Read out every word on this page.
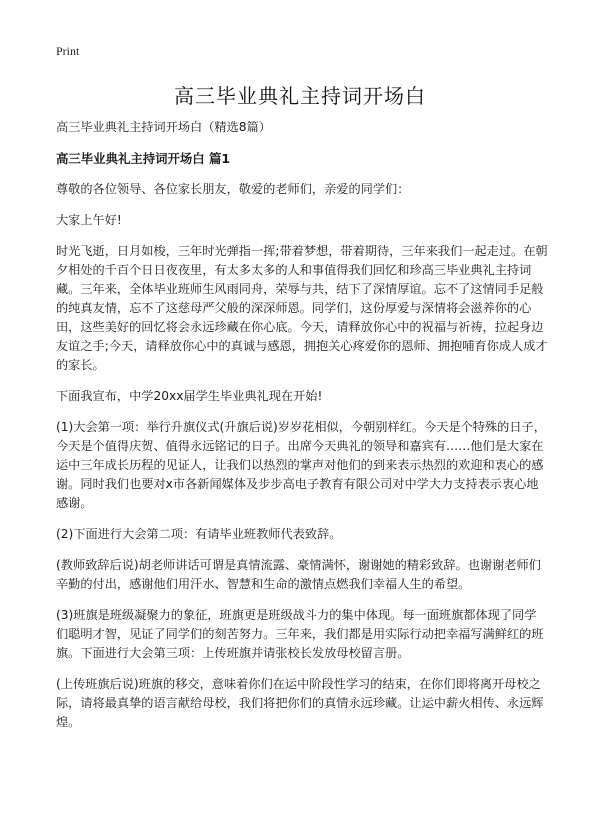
Print
高三毕业典礼主持词开场白

高三毕业典礼主持词开场白（精选8篇）

高三毕业典礼主持词开场白 篇1

尊敬的各位领导、各位家长朋友，敬爱的老师们，亲爱的同学们：

大家上午好!

时光飞逝，日月如梭，三年时光弹指一挥;带着梦想，带着期待，三年来我们一起走过。在朝夕相处的千百个日日夜夜里，有太多太多的人和事值得我们回忆和珍高三毕业典礼主持词藏。三年来，全体毕业班师生风雨同舟，荣辱与共，结下了深情厚谊。忘不了这情同手足般的纯真友情，忘不了这慈母严父般的深深师恩。同学们，这份厚爱与深情将会滋养你的心田，这些美好的回忆将会永远珍藏在你心底。今天，请释放你心中的祝福与祈祷，拉起身边友谊之手;今天，请释放你心中的真诚与感恩，拥抱关心疼爱你的恩师、拥抱哺育你成人成才的家长。

下面我宣布，中学20xx届学生毕业典礼现在开始!

(1)大会第一项：举行升旗仪式(升旗后说)岁岁花相似，今朝别样红。今天是个特殊的日子，今天是个值得庆贺、值得永远铭记的日子。出席今天典礼的领导和嘉宾有……他们是大家在运中三年成长历程的见证人，让我们以热烈的掌声对他们的到来表示热烈的欢迎和衷心的感谢。同时我们也要对x市各新闻媒体及步步高电子教育有限公司对中学大力支持表示衷心地感谢。

(2)下面进行大会第二项：有请毕业班教师代表致辞。

(教师致辞后说)胡老师讲话可谓是真情流露、豪情满怀，谢谢她的精彩致辞。也谢谢老师们辛勤的付出，感谢他们用汗水、智慧和生命的激情点燃我们幸福人生的希望。

(3)班旗是班级凝聚力的象征，班旗更是班级战斗力的集中体现。每一面班旗都体现了同学们聪明才智，见证了同学们的刻苦努力。三年来，我们都是用实际行动把幸福写满鲜红的班旗。下面进行大会第三项：上传班旗并请张校长发放母校留言册。

(上传班旗后说)班旗的移交，意味着你们在运中阶段性学习的结束，在你们即将离开母校之际，请将最真挚的语言献给母校，我们将把你们的真情永远珍藏。让运中薪火相传、永远辉煌。
